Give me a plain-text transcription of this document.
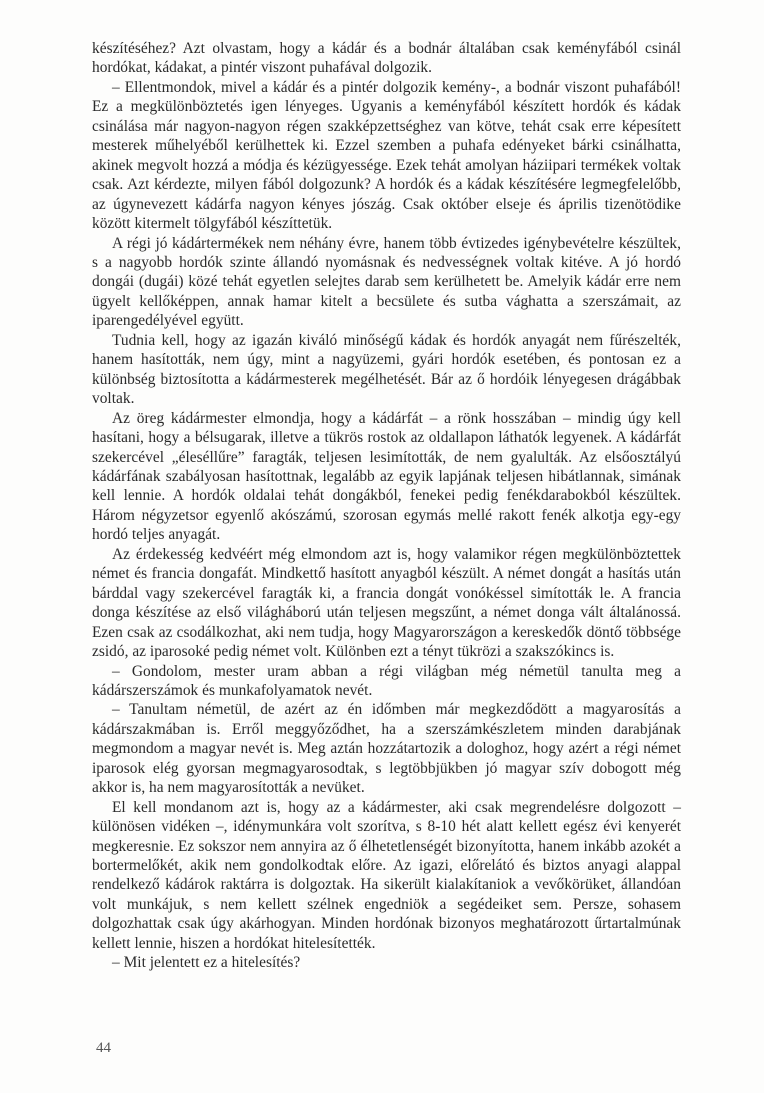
készítéséhez? Azt olvastam, hogy a kádár és a bodnár általában csak keményfából csinál hordókat, kádakat, a pintér viszont puhafával dolgozik.

– Ellentmondok, mivel a kádár és a pintér dolgozik kemény-, a bodnár viszont puhafából! Ez a megkülönböztetés igen lényeges. Ugyanis a keményfából készített hordók és kádak csinálása már nagyon-nagyon régen szakképzettséghez van kötve, tehát csak erre képesített mesterek műhelyéből kerülhettek ki. Ezzel szemben a puhafa edényeket bárki csinálhatta, akinek megvolt hozzá a módja és kézügyessége. Ezek tehát amolyan háziipari termékek voltak csak. Azt kérdezte, milyen fából dolgozunk? A hordók és a kádak készítésére legmegfelelőbb, az úgynevezett kádárfa nagyon kényes jószág. Csak október elseje és április tizenötödike között kitermelt tölgyfából készíttetük.

A régi jó kádártermékek nem néhány évre, hanem több évtizedes igénybevételre készültek, s a nagyobb hordók szinte állandó nyomásnak és nedvességnek voltak kitéve. A jó hordó dongái (dugái) közé tehát egyetlen selejtes darab sem kerülhetett be. Amelyik kádár erre nem ügyelt kellőképpen, annak hamar kitelt a becsülete és sutba vághatta a szerszámait, az iparengedélyével együtt.

Tudnia kell, hogy az igazán kiváló minőségű kádak és hordók anyagát nem fűrészelték, hanem hasították, nem úgy, mint a nagyüzemi, gyári hordók esetében, és pontosan ez a különbség biztosította a kádármesterek megélhetését. Bár az ő hordóik lényegesen drágábbak voltak.

Az öreg kádármester elmondja, hogy a kádárfát – a rönk hosszában – mindig úgy kell hasítani, hogy a bélsugarak, illetve a tükrös rostok az oldallapon láthatók legyenek. A kádárfát szekercével „éleséllűre” faragták, teljesen lesimították, de nem gyalulták. Az elsőosztályú kádárfának szabályosan hasítottnak, legalább az egyik lapjának teljesen hibátlannak, simának kell lennie. A hordók oldalai tehát dongákból, fenekei pedig fenékdarabokból készültek. Három négyzetsor egyenlő akószámú, szorosan egymás mellé rakott fenék alkotja egy-egy hordó teljes anyagát.

Az érdekesség kedvéért még elmondom azt is, hogy valamikor régen megkülönböztettek német és francia dongafát. Mindkettő hasított anyagból készült. A német dongát a hasítás után bárddal vagy szekercével faragták ki, a francia dongát vonókéssel simították le. A francia donga készítése az első világháború után teljesen megszűnt, a német donga vált általánossá. Ezen csak az csodálkozhat, aki nem tudja, hogy Magyarországon a kereskedők döntő többsége zsidó, az iparosoké pedig német volt. Különben ezt a tényt tükrözi a szakszókincs is.

– Gondolom, mester uram abban a régi világban még németül tanulta meg a kádárszerszámok és munkafolyamatok nevét.

– Tanultam németül, de azért az én időmben már megkezdődött a magyarosítás a kádárszakmában is. Erről meggyőződhet, ha a szerszámkészletem minden darabjának megmondom a magyar nevét is. Meg aztán hozzátartozik a dologhoz, hogy azért a régi német iparosok elég gyorsan megmagyarosodtak, s legtöbbjükben jó magyar szív dobogott még akkor is, ha nem magyarosították a nevüket.

El kell mondanom azt is, hogy az a kádármester, aki csak megrendelésre dolgozott – különösen vidéken –, idénymunkára volt szorítva, s 8-10 hét alatt kellett egész évi kenyerét megkeresnie. Ez sokszor nem annyira az ő élhetetlenségét bizonyította, hanem inkább azokét a bortermelőkét, akik nem gondolkodtak előre. Az igazi, előrelátó és biztos anyagi alappal rendelkező kádárok raktárra is dolgoztak. Ha sikerült kialakítaniok a vevőkörüket, állandóan volt munkájuk, s nem kellett szélnek engedniök a segédeiket sem. Persze, sohasem dolgozhattak csak úgy akárhogyan. Minden hordónak bizonyos meghatározott űrtartalmúnak kellett lennie, hiszen a hordókat hitelesítették.

– Mit jelentett ez a hitelesítés?

44
